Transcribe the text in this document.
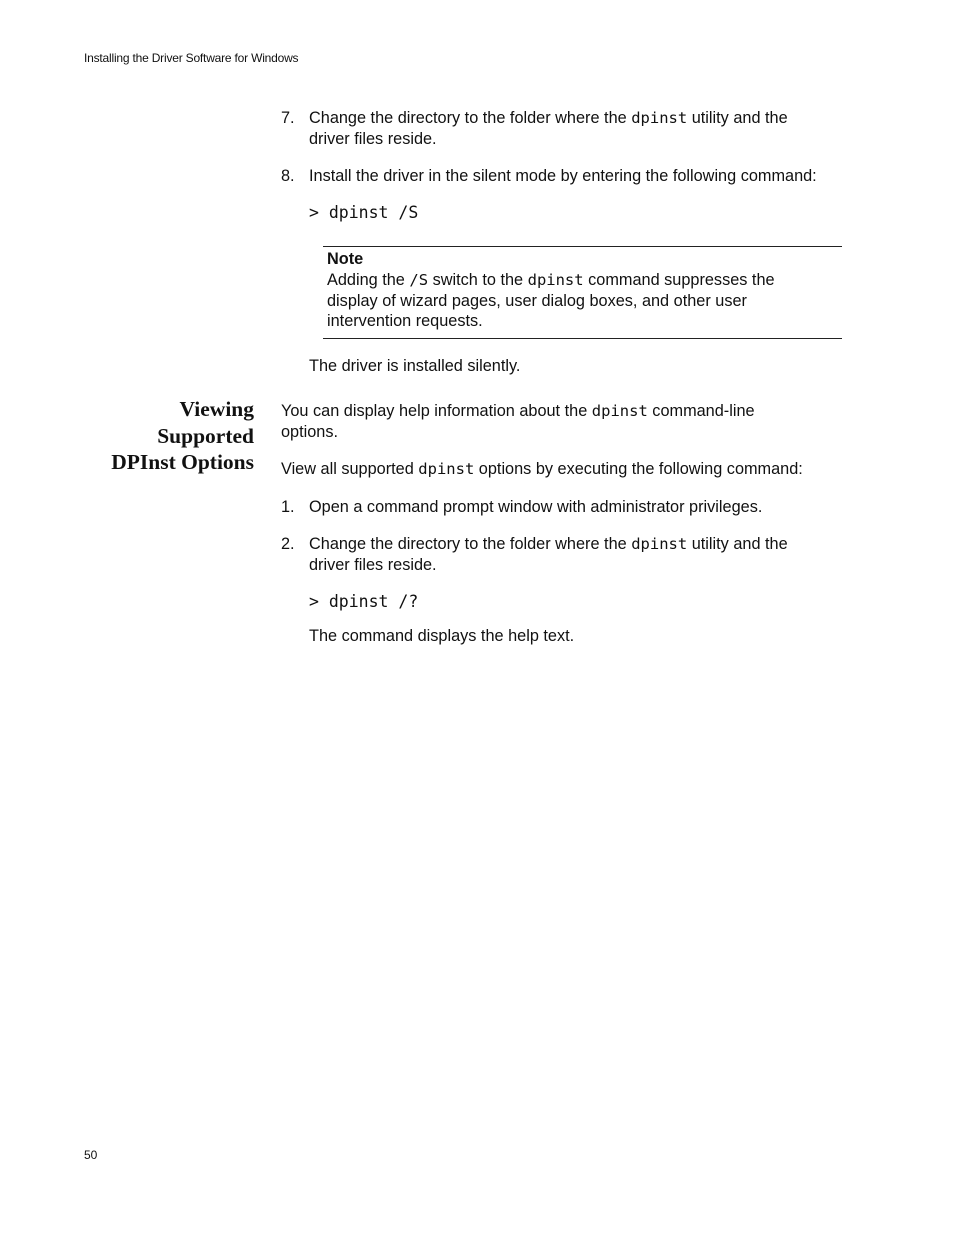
Installing the Driver Software for Windows
7. Change the directory to the folder where the dpinst utility and the
driver files reside.
8. Install the driver in the silent mode by entering the following command:
> dpinst /S
Note
Adding the /S switch to the dpinst command suppresses the
display of wizard pages, user dialog boxes, and other user
intervention requests.
The driver is installed silently.
Viewing
Supported
DPInst Options
You can display help information about the dpinst command-line
options.
View all supported dpinst options by executing the following command:
1. Open a command prompt window with administrator privileges.
2. Change the directory to the folder where the dpinst utility and the
driver files reside.
> dpinst /?
The command displays the help text.
50
